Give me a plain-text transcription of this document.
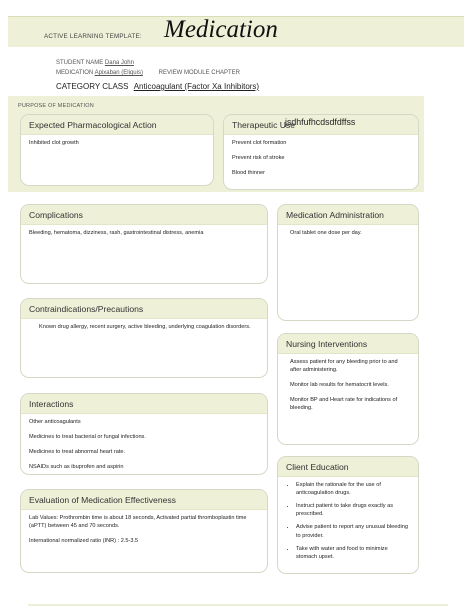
ACTIVE LEARNING TEMPLATE: Medication
STUDENT NAME Dana John
MEDICATION Apixaban (Eliquis)	REVIEW MODULE CHAPTER
CATEGORY CLASS Anticoagulant (Factor Xa Inhibitors)
PURPOSE OF MEDICATION
Expected Pharmacological Action

Inhibited clot growth

Therapeutic Use

Prevent clot formation

Prevent risk of stroke

Blood thinner

jsdhfufhcdsdfdffss
Complications

Bleeding, hematoma, dizziness, rash, gastrointestinal distress, anemia

Medication Administration

Oral tablet one dose per day.

Contraindications/Precautions

Known drug allergy, recent surgery, active bleeding, underlying coagulation disorders.

Nursing Interventions

Assess patient for any bleeding prior to and after administering.

Monitor lab results for hematocrit levels.

Monitor BP and Heart rate for indications of bleeding.

Interactions

Other anticoagulants

Medicines to treat bacterial or fungal infections.

Medicines to treat abnormal heart rate.

NSAIDs such as ibuprofen and aspirin	Client Education
• Explain the rationale for the use of anticoagulation drugs.
• Instruct patient to take drugs exactly as prescribed.
• Advise patient to report any unusual bleeding to provider.
• Take with water and food to minimize stomach upset.
Evaluation of Medication Effectiveness

Lab Values: Prothrombin time is about 18 seconds, Activated partial thromboplastin time (aPTT) between 45 and 70 seconds.

International normalized ratio (INR) : 2.5-3.5
